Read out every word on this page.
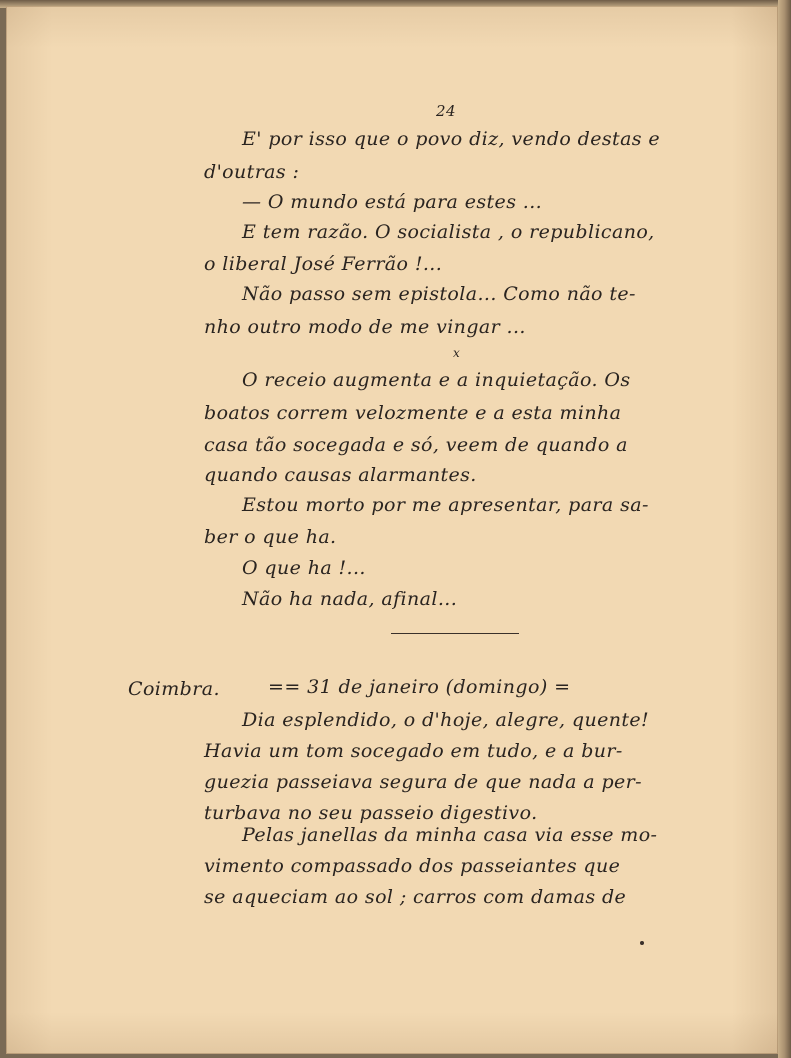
24
E' por isso que o povo diz, vendo destas e
d'outras :
— O mundo está para estes ...
E tem razão. O socialista , o republicano,
o liberal José Ferrão !...
Não passo sem epistola... Como não te-
nho outro modo de me vingar ...
x
O receio augmenta e a inquietação. Os
boatos correm velozmente e a esta minha
casa tão socegada e só, veem de quando a
quando causas alarmantes.
Estou morto por me apresentar, para sa-
ber o que ha.
O que ha !...
Não ha nada, afinal...
Coimbra.	== 31 de janeiro (domingo) =
Dia esplendido, o d'hoje, alegre, quente!
Havia um tom socegado em tudo, e a bur-
guezia passeiava segura de que nada a per-
turbava no seu passeio digestivo.
Pelas janellas da minha casa via esse mo-
vimento compassado dos passeiantes que
se aqueciam ao sol ; carros com damas de
